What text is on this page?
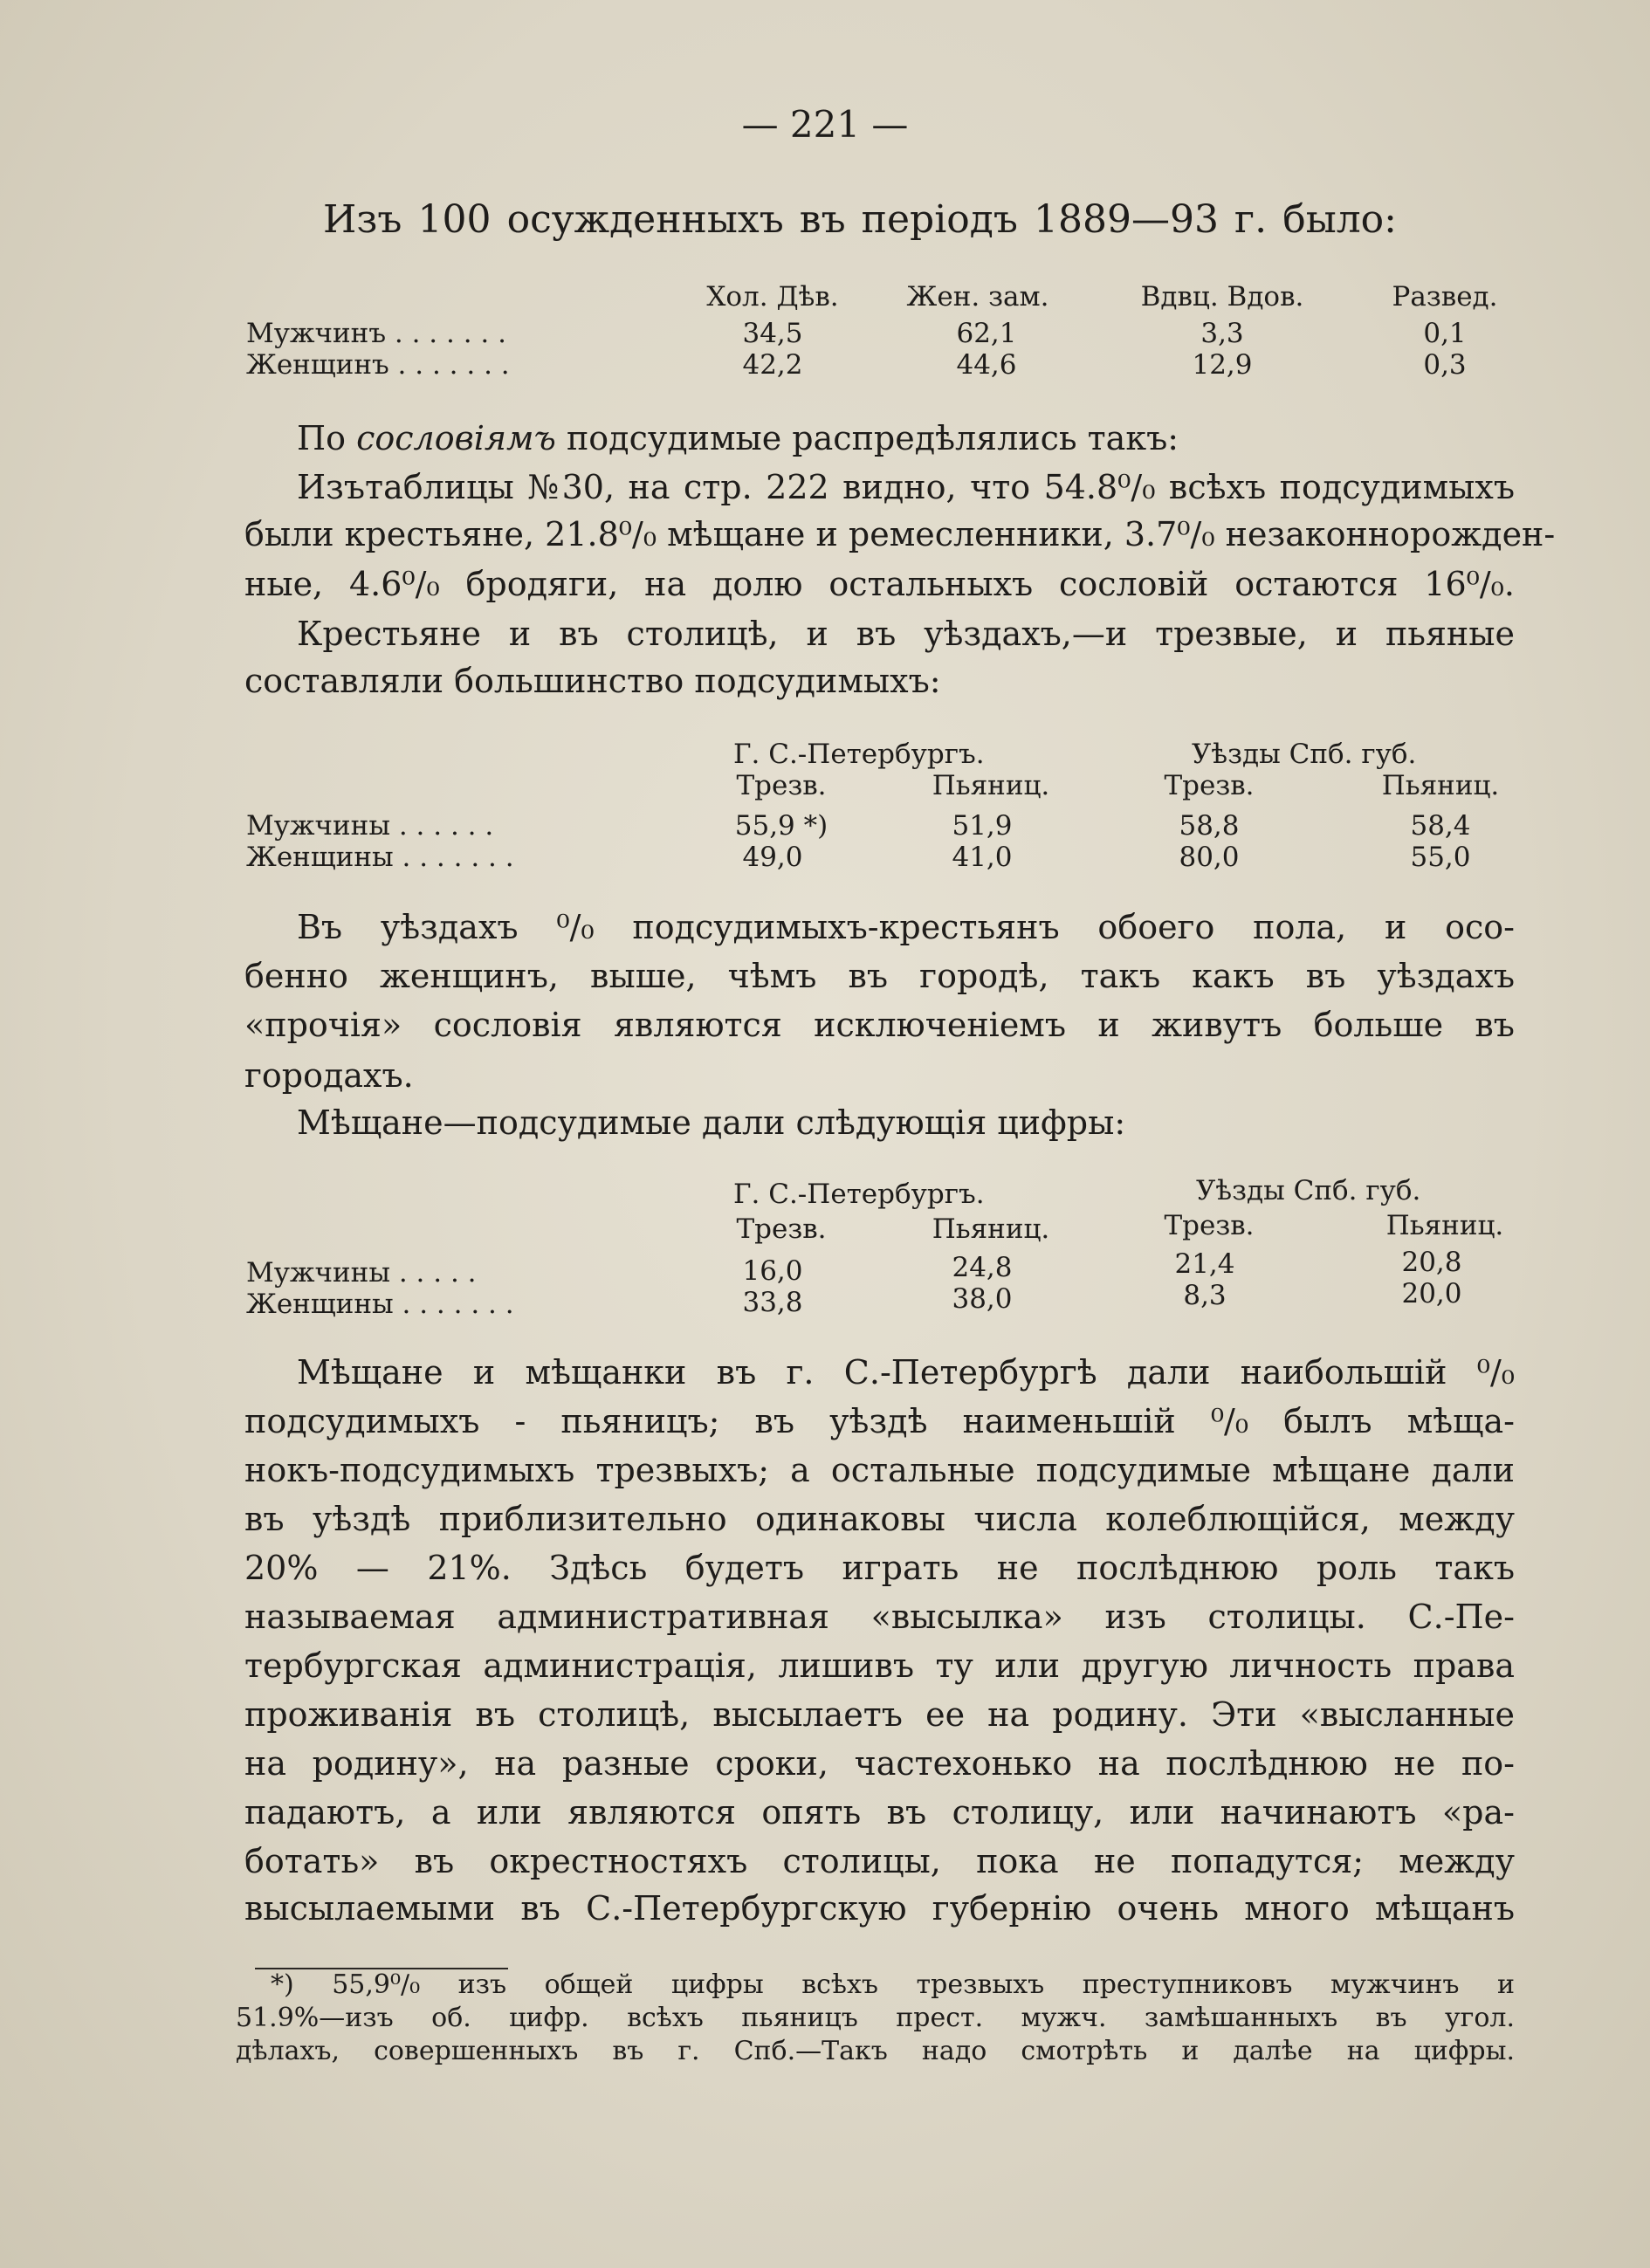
— 221 —
Изъ 100 осужденныхъ въ періодъ 1889—93 г. было:
Хол. Дѣв.	Жен. зам.	Вдвц. Вдов.	Развед.
Мужчинъ . . . . . . .	34,5	62,1	3,3	0,1
Женщинъ . . . . . . .	42,2	44,6	12,9	0,3
По сословіямъ подсудимые распредѣлялись такъ:
Изътаблицы №30, на стр. 222 видно, что 54.8⁰/₀ всѣхъ подсудимыхъ
были крестьяне, 21.8⁰/₀ мѣщане и ремесленники, 3.7⁰/₀ незаконнорожден-
ные, 4.6⁰/₀ бродяги, на долю остальныхъ сословій остаются 16⁰/₀.
Крестьяне и въ столицѣ, и въ уѣздахъ,—и трезвые, и пьяные
составляли большинство подсудимыхъ:
Г. С.-Петербургъ.	Уѣзды Спб. губ.
Трезв.	Пьяниц.	Трезв.	Пьяниц.
Мужчины . . . . . .	55,9 *)	51,9	58,8	58,4
Женщины . . . . . . .	49,0	41,0	80,0	55,0
Въ уѣздахъ ⁰/₀ подсудимыхъ-крестьянъ обоего пола, и осо-
бенно женщинъ, выше, чѣмъ въ городѣ, такъ какъ въ уѣздахъ
«прочія» сословія являются исключеніемъ и живутъ больше въ
городахъ.
Мѣщане—подсудимые дали слѣдующія цифры:
Г. С.-Петербургъ.	Уѣзды Спб. губ.
Трезв.	Пьяниц.	Трезв.	Пьяниц.
Мужчины . . . . .	16,0	24,8	21,4	20,8
Женщины . . . . . . .	33,8	38,0	8,3	20,0
Мѣщане и мѣщанки въ г. С.-Петербургѣ дали наибольшій ⁰/₀
подсудимыхъ - пьяницъ; въ уѣздѣ наименьшій ⁰/₀ былъ мѣща-
нокъ-подсудимыхъ трезвыхъ; а остальные подсудимые мѣщане дали
въ уѣздѣ приблизительно одинаковы числа колеблющійся, между
20% — 21%. Здѣсь будетъ играть не послѣднюю роль такъ
называемая административная «высылка» изъ столицы. С.-Пе-
тербургская администрація, лишивъ ту или другую личность права
проживанія въ столицѣ, высылаетъ ее на родину. Эти «высланные
на родину», на разные сроки, частехонько на послѣднюю не по-
падаютъ, а или являются опять въ столицу, или начинаютъ «ра-
ботать» въ окрестностяхъ столицы, пока не попадутся; между
высылаемыми въ С.-Петербургскую губернію очень много мѣщанъ
*) 55,9⁰/₀ изъ общей цифры всѣхъ трезвыхъ преступниковъ мужчинъ и
51.9%—изъ об. цифр. всѣхъ пьяницъ прест. мужч. замѣшанныхъ въ угол.
дѣлахъ, совершенныхъ въ г. Спб.—Такъ надо смотрѣть и далѣе на цифры.
